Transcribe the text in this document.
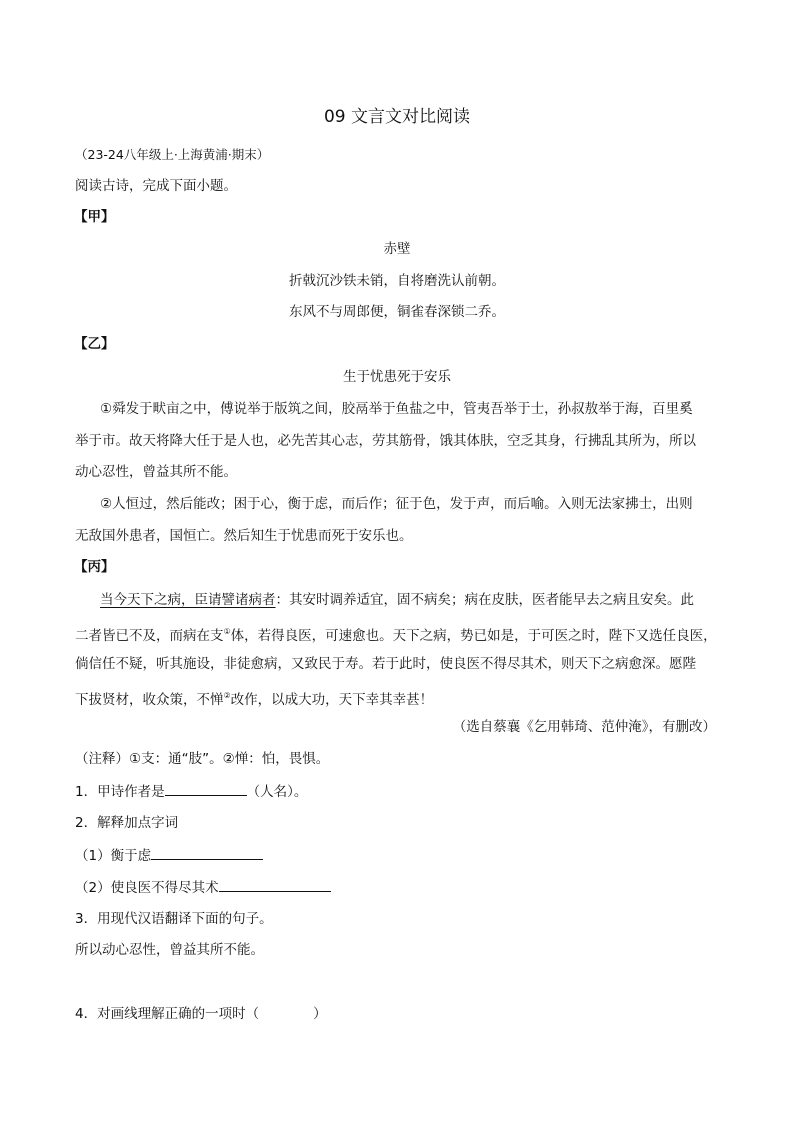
09 文言文对比阅读
（23-24八年级上·上海黄浦·期末）
阅读古诗，完成下面小题。
【甲】
赤壁
折戟沉沙铁未销，自将磨洗认前朝。
东风不与周郎便，铜雀春深锁二乔。
【乙】
生于忧患死于安乐
①舜发于畎亩之中，傅说举于版筑之间，胶鬲举于鱼盐之中，管夷吾举于士，孙叔敖举于海，百里奚
举于市。故天将降大任于是人也，必先苦其心志，劳其筋骨，饿其体肤，空乏其身，行拂乱其所为，所以
动心忍性，曾益其所不能。
②人恒过，然后能改；困于心，衡于虑，而后作；征于色，发于声，而后喻。入则无法家拂士，出则
无敌国外患者，国恒亡。然后知生于忧患而死于安乐也。
【丙】
当今天下之病，臣请譬诸病者：其安时调养适宜，固不病矣；病在皮肤，医者能早去之病且安矣。此
二者皆已不及，而病在支①体，若得良医，可速愈也。天下之病，势已如是，于可医之时，陛下又选任良医，
倘信任不疑，听其施设，非徒愈病，又致民于寿。若于此时，使良医不得尽其术，则天下之病愈深。愿陛
下拔贤材，收众策，不惮②改作，以成大功，天下幸其幸甚！
（选自蔡襄《乞用韩琦、范仲淹》，有删改）
（注释）①支：通“肢”。②惮：怕，畏惧。
1．甲诗作者是	（人名）。
2．解释加点字词
（1）衡于虑
（2）使良医不得尽其术
3．用现代汉语翻译下面的句子。
所以动心忍性，曾益其所不能。
4．对画线理解正确的一项时（	）
